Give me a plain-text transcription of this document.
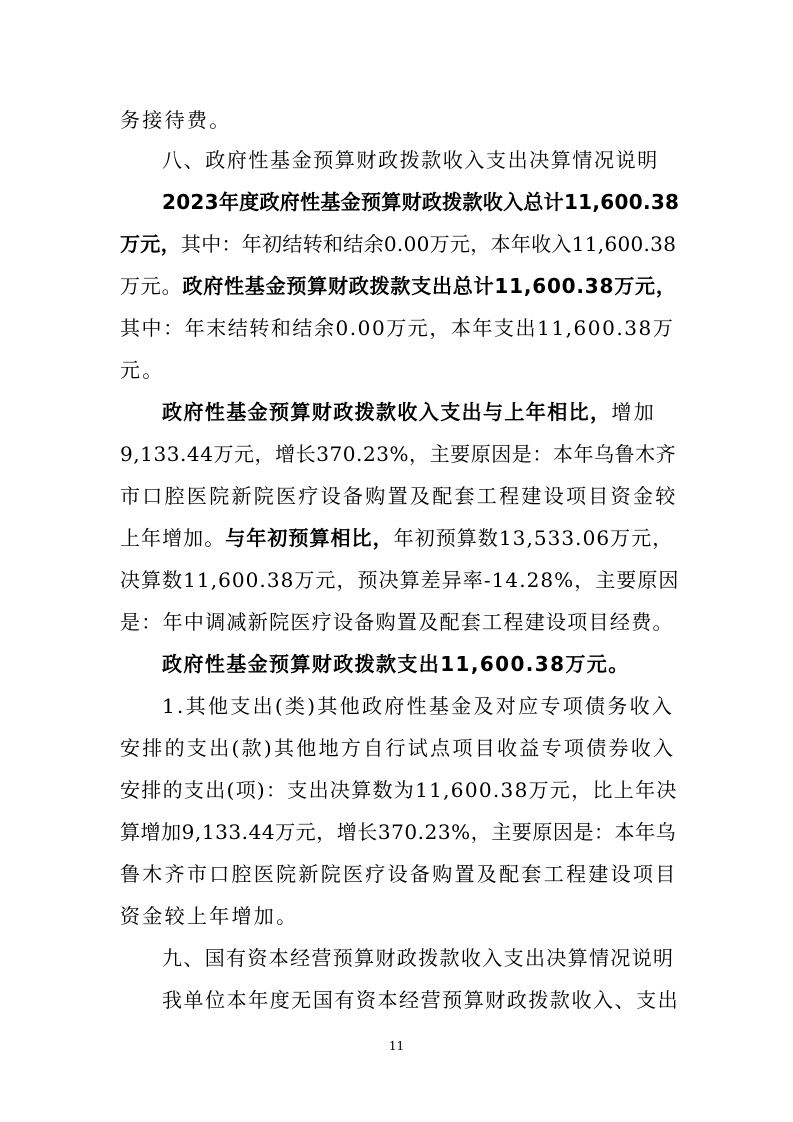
务接待费。
八、政府性基金预算财政拨款收入支出决算情况说明
2023年度政府性基金预算财政拨款收入总计11,600.38
万元，其中：年初结转和结余0.00万元，本年收入11,600.38
万元。政府性基金预算财政拨款支出总计11,600.38万元，
其中：年末结转和结余0.00万元，本年支出11,600.38万
元。
政府性基金预算财政拨款收入支出与上年相比，增加
9,133.44万元，增长370.23%，主要原因是：本年乌鲁木齐
市口腔医院新院医疗设备购置及配套工程建设项目资金较
上年增加。与年初预算相比，年初预算数13,533.06万元，
决算数11,600.38万元，预决算差异率-14.28%，主要原因
是：年中调减新院医疗设备购置及配套工程建设项目经费。
政府性基金预算财政拨款支出11,600.38万元。
1.其他支出(类)其他政府性基金及对应专项债务收入
安排的支出(款)其他地方自行试点项目收益专项债券收入
安排的支出(项)：支出决算数为11,600.38万元，比上年决
算增加9,133.44万元，增长370.23%，主要原因是：本年乌
鲁木齐市口腔医院新院医疗设备购置及配套工程建设项目
资金较上年增加。
九、国有资本经营预算财政拨款收入支出决算情况说明
我单位本年度无国有资本经营预算财政拨款收入、支出
11
